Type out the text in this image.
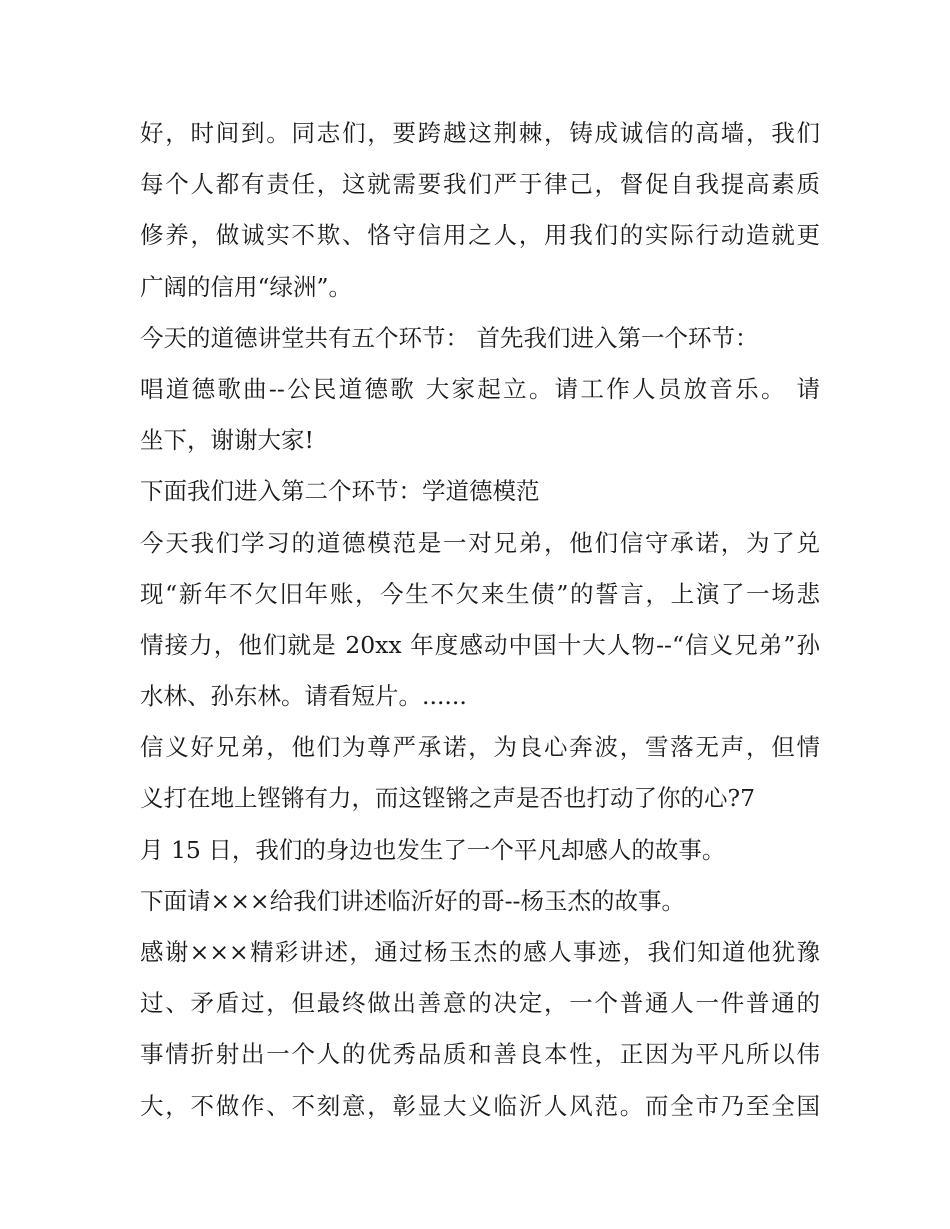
好，时间到。同志们，要跨越这荆棘，铸成诚信的高墙，我们
每个人都有责任，这就需要我们严于律己，督促自我提高素质
修养，做诚实不欺、恪守信用之人，用我们的实际行动造就更
广阔的信用“绿洲”。
今天的道德讲堂共有五个环节： 首先我们进入第一个环节：
唱道德歌曲--公民道德歌 大家起立。请工作人员放音乐。 请
坐下，谢谢大家!
下面我们进入第二个环节：学道德模范
今天我们学习的道德模范是一对兄弟，他们信守承诺，为了兑
现“新年不欠旧年账，今生不欠来生债”的誓言，上演了一场悲
情接力，他们就是 20xx 年度感动中国十大人物--“信义兄弟”孙
水林、孙东林。请看短片。......
信义好兄弟，他们为尊严承诺，为良心奔波，雪落无声，但情
义打在地上铿锵有力，而这铿锵之声是否也打动了你的心?7
月 15 日，我们的身边也发生了一个平凡却感人的故事。
下面请×××给我们讲述临沂好的哥--杨玉杰的故事。
感谢×××精彩讲述，通过杨玉杰的感人事迹，我们知道他犹豫
过、矛盾过，但最终做出善意的决定，一个普通人一件普通的
事情折射出一个人的优秀品质和善良本性，正因为平凡所以伟
大，不做作、不刻意，彰显大义临沂人风范。而全市乃至全国
